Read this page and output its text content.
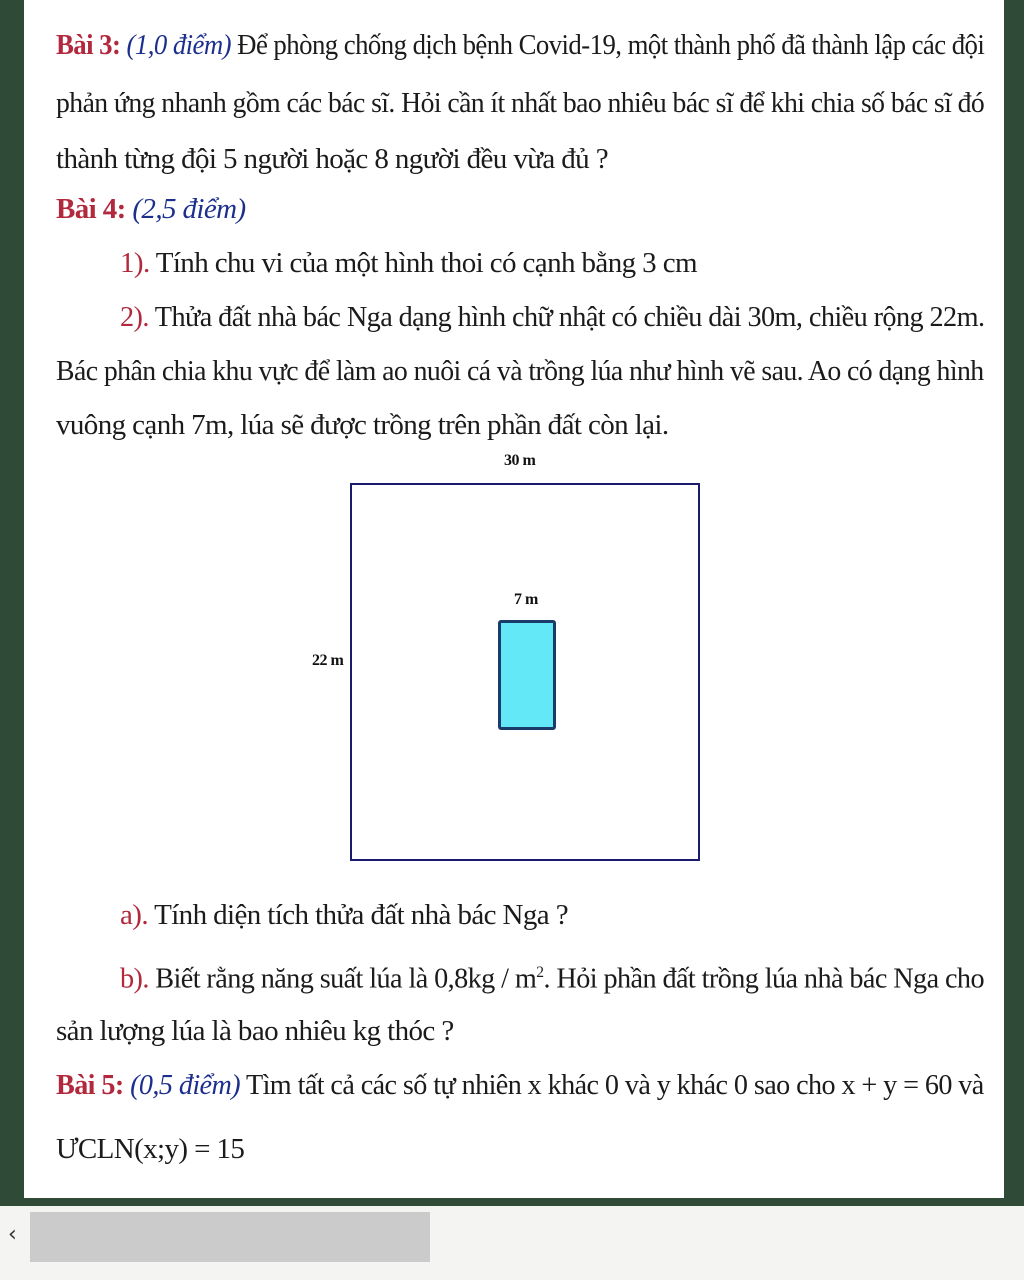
Bài 3: (1,0 điểm) Để phòng chống dịch bệnh Covid-19, một thành phố đã thành lập các đội
phản ứng nhanh gồm các bác sĩ. Hỏi cần ít nhất bao nhiêu bác sĩ để khi chia số bác sĩ đó
thành từng đội 5 người hoặc 8 người đều vừa đủ ?
Bài 4: (2,5 điểm)
1). Tính chu vi của một hình thoi có cạnh bằng 3 cm
2). Thửa đất nhà bác Nga dạng hình chữ nhật có chiều dài 30m, chiều rộng 22m.
Bác phân chia khu vực để làm ao nuôi cá và trồng lúa như hình vẽ sau. Ao có dạng hình
vuông cạnh 7m, lúa sẽ được trồng trên phần đất còn lại.
30 m
22 m
7 m
a). Tính diện tích thửa đất nhà bác Nga ?
b). Biết rằng năng suất lúa là $0,8kg / m^2$. Hỏi phần đất trồng lúa nhà bác Nga cho
sản lượng lúa là bao nhiêu kg thóc ?
Bài 5: (0,5 điểm) Tìm tất cả các số tự nhiên x khác 0 và y khác 0 sao cho x + y = 60 và
ƯCLN(x;y) = 15
‹
